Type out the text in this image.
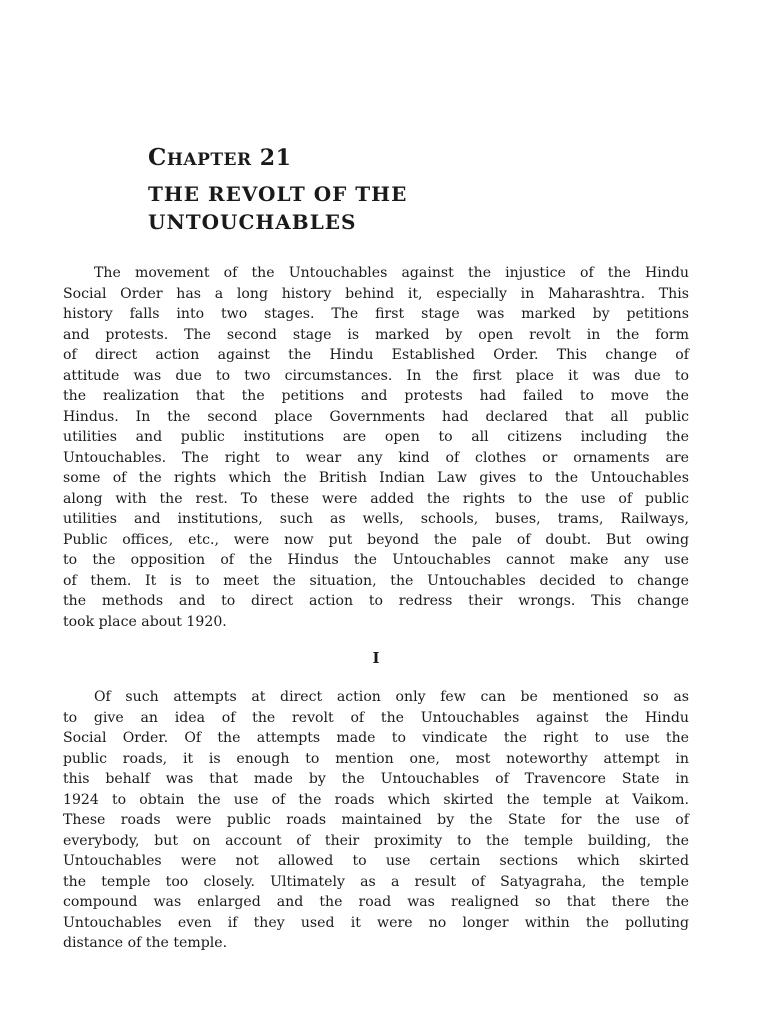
CHAPTER 21
THE REVOLT OF THE
UNTOUCHABLES

The movement of the Untouchables against the injustice of the Hindu
Social Order has a long history behind it, especially in Maharashtra. This
history falls into two stages. The first stage was marked by petitions
and protests. The second stage is marked by open revolt in the form
of direct action against the Hindu Established Order. This change of
attitude was due to two circumstances. In the first place it was due to
the realization that the petitions and protests had failed to move the
Hindus. In the second place Governments had declared that all public
utilities and public institutions are open to all citizens including the
Untouchables. The right to wear any kind of clothes or ornaments are
some of the rights which the British Indian Law gives to the Untouchables
along with the rest. To these were added the rights to the use of public
utilities and institutions, such as wells, schools, buses, trams, Railways,
Public offices, etc., were now put beyond the pale of doubt. But owing
to the opposition of the Hindus the Untouchables cannot make any use
of them. It is to meet the situation, the Untouchables decided to change
the methods and to direct action to redress their wrongs. This change
took place about 1920.

I

Of such attempts at direct action only few can be mentioned so as
to give an idea of the revolt of the Untouchables against the Hindu
Social Order. Of the attempts made to vindicate the right to use the
public roads, it is enough to mention one, most noteworthy attempt in
this behalf was that made by the Untouchables of Travencore State in
1924 to obtain the use of the roads which skirted the temple at Vaikom.
These roads were public roads maintained by the State for the use of
everybody, but on account of their proximity to the temple building, the
Untouchables were not allowed to use certain sections which skirted
the temple too closely. Ultimately as a result of Satyagraha, the temple
compound was enlarged and the road was realigned so that there the
Untouchables even if they used it were no longer within the polluting
distance of the temple.
